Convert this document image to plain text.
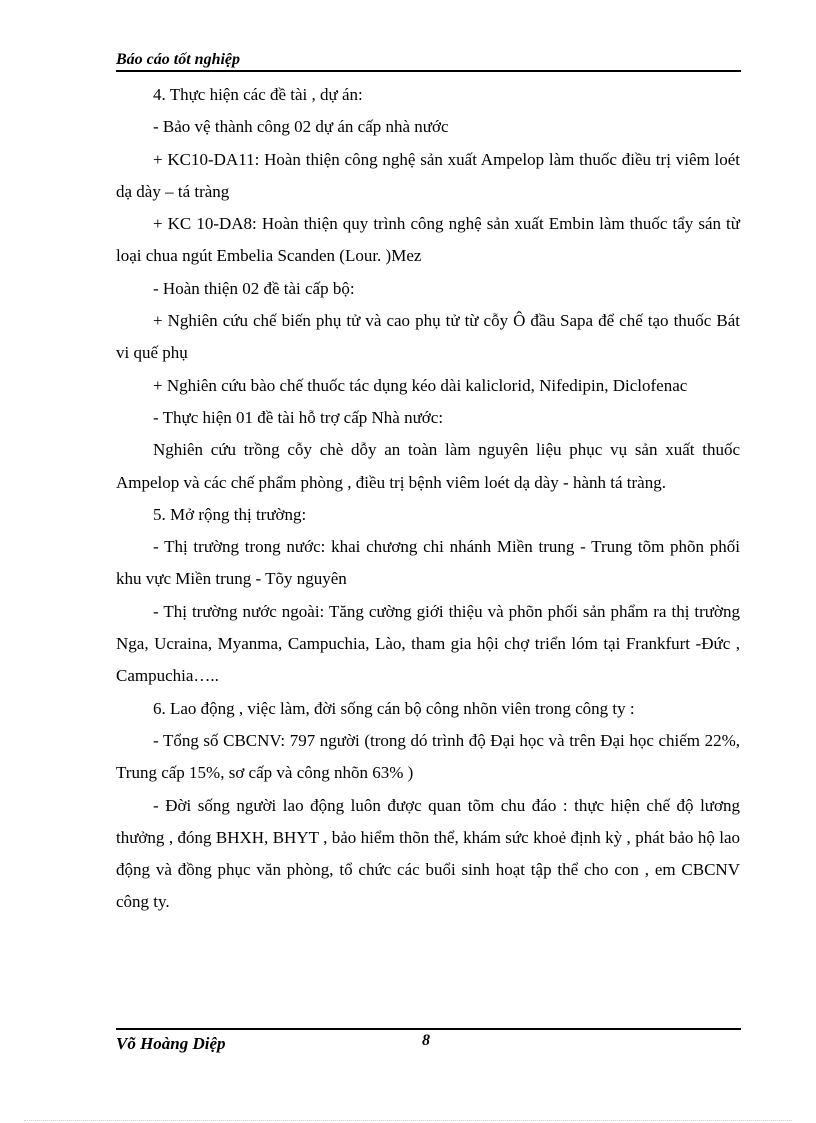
Báo cáo tốt nghiệp

4. Thực hiện các đề tài , dự án:

- Bảo vệ thành công 02 dự án cấp nhà nước

+ KC10-DA11: Hoàn thiện công nghệ sản xuất Ampelop làm thuốc điều trị viêm loét dạ dày – tá tràng

+ KC 10-DA8: Hoàn thiện quy trình công nghệ sản xuất Embin làm thuốc tẩy sán từ loại chua ngút Embelia Scanden (Lour. )Mez

- Hoàn thiện 02 đề tài cấp bộ:

+ Nghiên cứu chế biến phụ tử và cao phụ tử từ cỗy Ô đầu Sapa để chế tạo thuốc Bát vi quế phụ

+ Nghiên cứu bào chế thuốc tác dụng kéo dài kaliclorid, Nifedipin, Diclofenac

- Thực hiện 01 đề tài hỗ trợ cấp Nhà nước:

Nghiên cứu trồng cỗy chè dỗy an toàn làm nguyên liệu phục vụ sản xuất thuốc Ampelop và các chế phẩm phòng , điều trị bệnh viêm loét dạ dày - hành tá tràng.

5. Mở rộng thị trường:

- Thị trường trong nước: khai chương chi nhánh Miền trung - Trung tõm phõn phối khu vực Miền trung - Tõy nguyên

- Thị trường nước ngoài: Tăng cường giới thiệu và phõn phối sản phẩm ra thị trường Nga, Ucraina, Myanma, Campuchia, Lào, tham gia hội chợ triển lóm tại Frankfurt -Đức , Campuchia…..

6. Lao động , việc làm, đời sống cán bộ công nhõn viên trong công ty :

- Tổng số CBCNV: 797 người (trong dó trình độ Đại học và trên Đại học chiếm 22%, Trung cấp 15%, sơ cấp và công nhõn 63% )

- Đời sống người lao động luôn được quan tõm chu đáo : thực hiện chế độ lương thưởng , đóng BHXH, BHYT , bảo hiểm thõn thể, khám sức khoẻ định kỳ , phát bảo hộ lao động và đồng phục văn phòng, tổ chức các buổi sinh hoạt tập thể cho con , em CBCNV công ty.

Võ Hoàng Diệp	8
